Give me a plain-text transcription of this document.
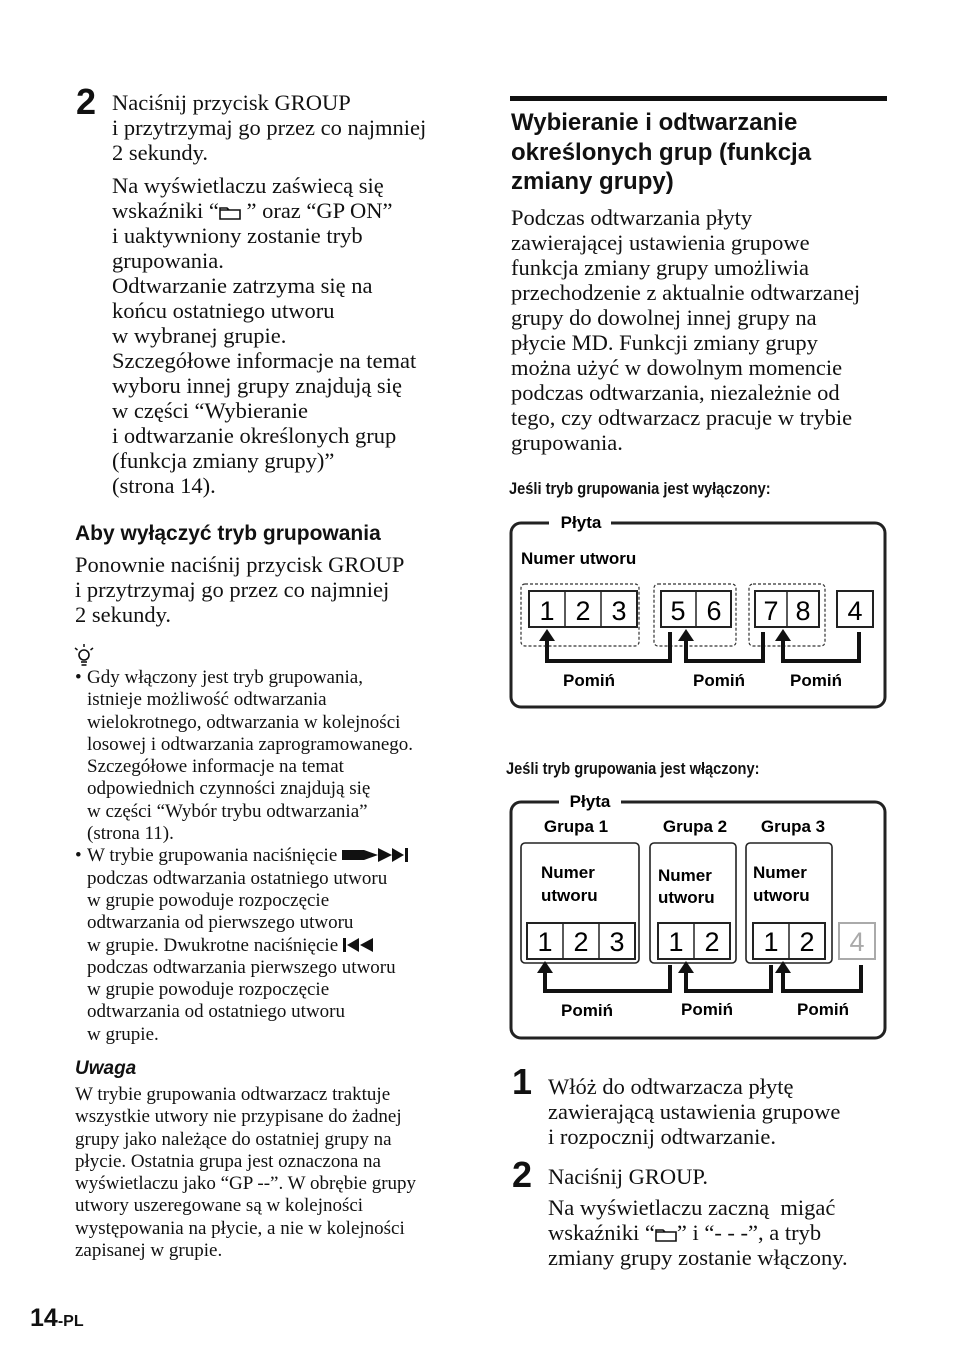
2 Naciśnij przycisk GROUP
i przytrzymaj go przez co najmniej
2 sekundy.
Na wyświetlaczu zaświecą się
wskaźniki “ ” oraz “GP ON”
i uaktywniony zostanie tryb
grupowania.
Odtwarzanie zatrzyma się na
końcu ostatniego utworu
w wybranej grupie.
Szczegółowe informacje na temat
wyboru innej grupy znajdują się
w części “Wybieranie
i odtwarzanie określonych grup
(funkcja zmiany grupy)”
(strona 14).
Aby wyłączyć tryb grupowania
Ponownie naciśnij przycisk GROUP
i przytrzymaj go przez co najmniej
2 sekundy.
• Gdy włączony jest tryb grupowania,
istnieje możliwość odtwarzania
wielokrotnego, odtwarzania w kolejności
losowej i odtwarzania zaprogramowanego.
Szczegółowe informacje na temat
odpowiednich czynności znajdują się
w części “Wybór trybu odtwarzania”
(strona 11).
• W trybie grupowania naciśnięcie
podczas odtwarzania ostatniego utworu
w grupie powoduje rozpoczęcie
odtwarzania od pierwszego utworu
w grupie. Dwukrotne naciśnięcie
podczas odtwarzania pierwszego utworu
w grupie powoduje rozpoczęcie
odtwarzania od ostatniego utworu
w grupie.
Uwaga
W trybie grupowania odtwarzacz traktuje
wszystkie utwory nie przypisane do żadnej
grupy jako należące do ostatniej grupy na
płycie. Ostatnia grupa jest oznaczona na
wyświetlaczu jako “GP --”. W obrębie grupy
utwory uszeregowane są w kolejności
występowania na płycie, a nie w kolejności
zapisanej w grupie.
Wybieranie i odtwarzanie
określonych grup (funkcja
zmiany grupy)
Podczas odtwarzania płyty
zawierającej ustawienia grupowe
funkcja zmiany grupy umożliwia
przechodzenie z aktualnie odtwarzanej
grupy do dowolnej innej grupy na
płycie MD. Funkcji zmiany grupy
można użyć w dowolnym momencie
podczas odtwarzania, niezależnie od
tego, czy odtwarzacz pracuje w trybie
grupowania.
Jeśli tryb grupowania jest wyłączony:
Płyta
Numer utworu
1 2 3 5 6 7 8 4
Pomiń	Pomiń	Pomiń
Jeśli tryb grupowania jest włączony:
Płyta
Grupa 1	Grupa 2 Grupa 3
Numer
utworu
Numer
utworu
Numer
utworu
1 2 3 1 2 1 2 4
Pomiń	Pomiń	Pomiń
1 Włóż do odtwarzacza płytę
zawierającą ustawienia grupowe
i rozpocznij odtwarzanie.
2 Naciśnij GROUP.
Na wyświetlaczu zaczną  migać
wskaźniki “ ” i “- - -”, a tryb
zmiany grupy zostanie włączony.
14-PL
